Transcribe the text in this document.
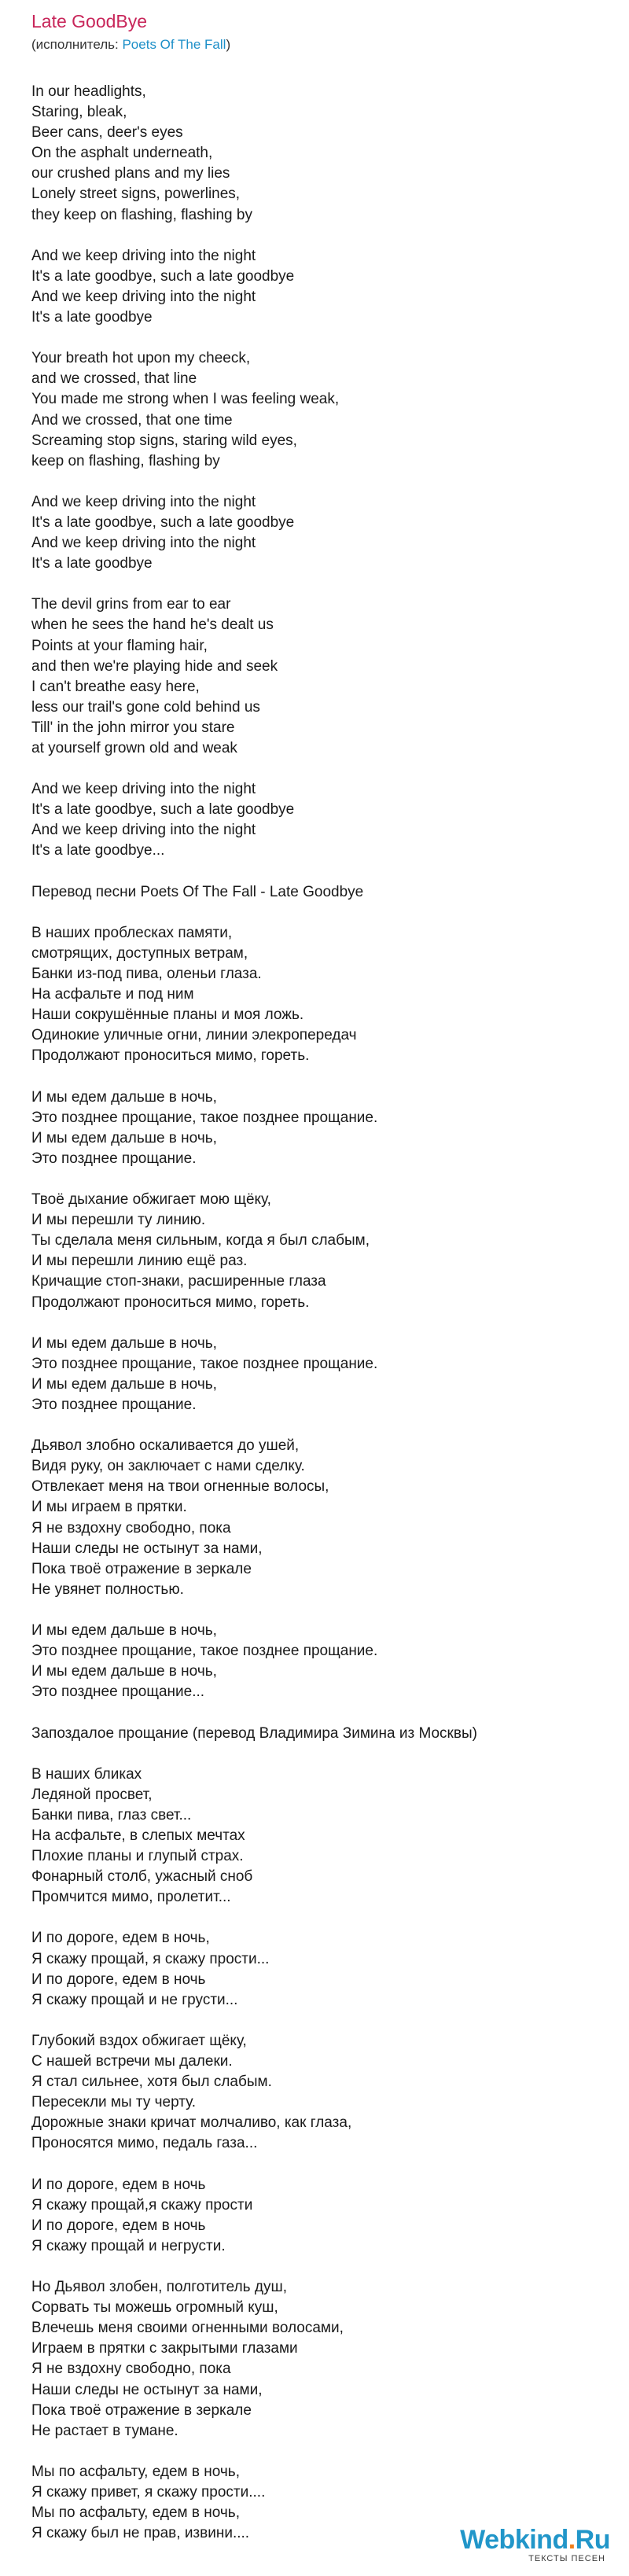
Late GoodBye
(исполнитель: Poets Of The Fall)
In our headlights,
Staring, bleak,
Beer cans, deer's eyes
On the asphalt underneath,
our crushed plans and my lies
Lonely street signs, powerlines,
they keep on flashing, flashing by
And we keep driving into the night
It's a late goodbye, such a late goodbye
And we keep driving into the night
It's a late goodbye
Your breath hot upon my cheeck,
and we crossed, that line
You made me strong when I was feeling weak,
And we crossed, that one time
Screaming stop signs, staring wild eyes,
keep on flashing, flashing by
And we keep driving into the night
It's a late goodbye, such a late goodbye
And we keep driving into the night
It's a late goodbye
The devil grins from ear to ear
when he sees the hand he's dealt us
Points at your flaming hair,
and then we're playing hide and seek
I can't breathe easy here,
less our trail's gone cold behind us
Till' in the john mirror you stare
at yourself grown old and weak
And we keep driving into the night
It's a late goodbye, such a late goodbye
And we keep driving into the night
It's a late goodbye...
Перевод песни Poets Of The Fall - Late Goodbye
В наших проблесках памяти,
смотрящих, доступных ветрам,
Банки из-под пива, оленьи глаза.
На асфальте и под ним
Наши сокрушённые планы и моя ложь.
Одинокие уличные огни, линии элекропередач
Продолжают проноситься мимо, гореть.
И мы едем дальше в ночь,
Это позднее прощание, такое позднее прощание.
И мы едем дальше в ночь,
Это позднее прощание.
Твоё дыхание обжигает мою щёку,
И мы перешли ту линию.
Ты сделала меня сильным, когда я был слабым,
И мы перешли линию ещё раз.
Кричащие стоп-знаки, расширенные глаза
Продолжают проноситься мимо, гореть.
И мы едем дальше в ночь,
Это позднее прощание, такое позднее прощание.
И мы едем дальше в ночь,
Это позднее прощание.
Дьявол злобно оскаливается до ушей,
Видя руку, он заключает с нами сделку.
Отвлекает меня на твои огненные волосы,
И мы играем в прятки.
Я не вздохну свободно, пока
Наши следы не остынут за нами,
Пока твоё отражение в зеркале
Не увянет полностью.
И мы едем дальше в ночь,
Это позднее прощание, такое позднее прощание.
И мы едем дальше в ночь,
Это позднее прощание...
Запоздалое прощание (перевод Владимира Зимина из Москвы)
В наших бликах
Ледяной просвет,
Банки пива, глаз свет...
На асфальте, в слепых мечтах
Плохие планы и глупый страх.
Фонарный столб, ужасный сноб
Промчится мимо, пролетит...
И по дороге, едем в ночь,
Я скажу прощай, я скажу прости...
И по дороге, едем в ночь
Я скажу прощай и не грусти...
Глубокий вздох обжигает щёку,
С нашей встречи мы далеки.
Я стал сильнее, хотя был слабым.
Пересекли мы ту черту.
Дорожные знаки кричат молчаливо, как глаза,
Проносятся мимо, педаль газа...
И по дороге, едем в ночь
Я скажу прощай,я скажу прости
И по дороге, едем в ночь
Я скажу прощай и негрусти.
Но Дьявол злобен, полготитель душ,
Сорвать ты можешь огромный куш,
Влечешь меня своими огненными волосами,
Играем в прятки с закрытыми глазами
Я не вздохну свободно, пока
Наши следы не остынут за нами,
Пока твоё отражение в зеркале
Не растает в тумане.
Мы по асфальту, едем в ночь,
Я скажу привет, я скажу прости....
Мы по асфальту, едем в ночь,
Я скажу был не прав, извини....	Webkind.Ru
ТЕКСТЫ ПЕСЕН
